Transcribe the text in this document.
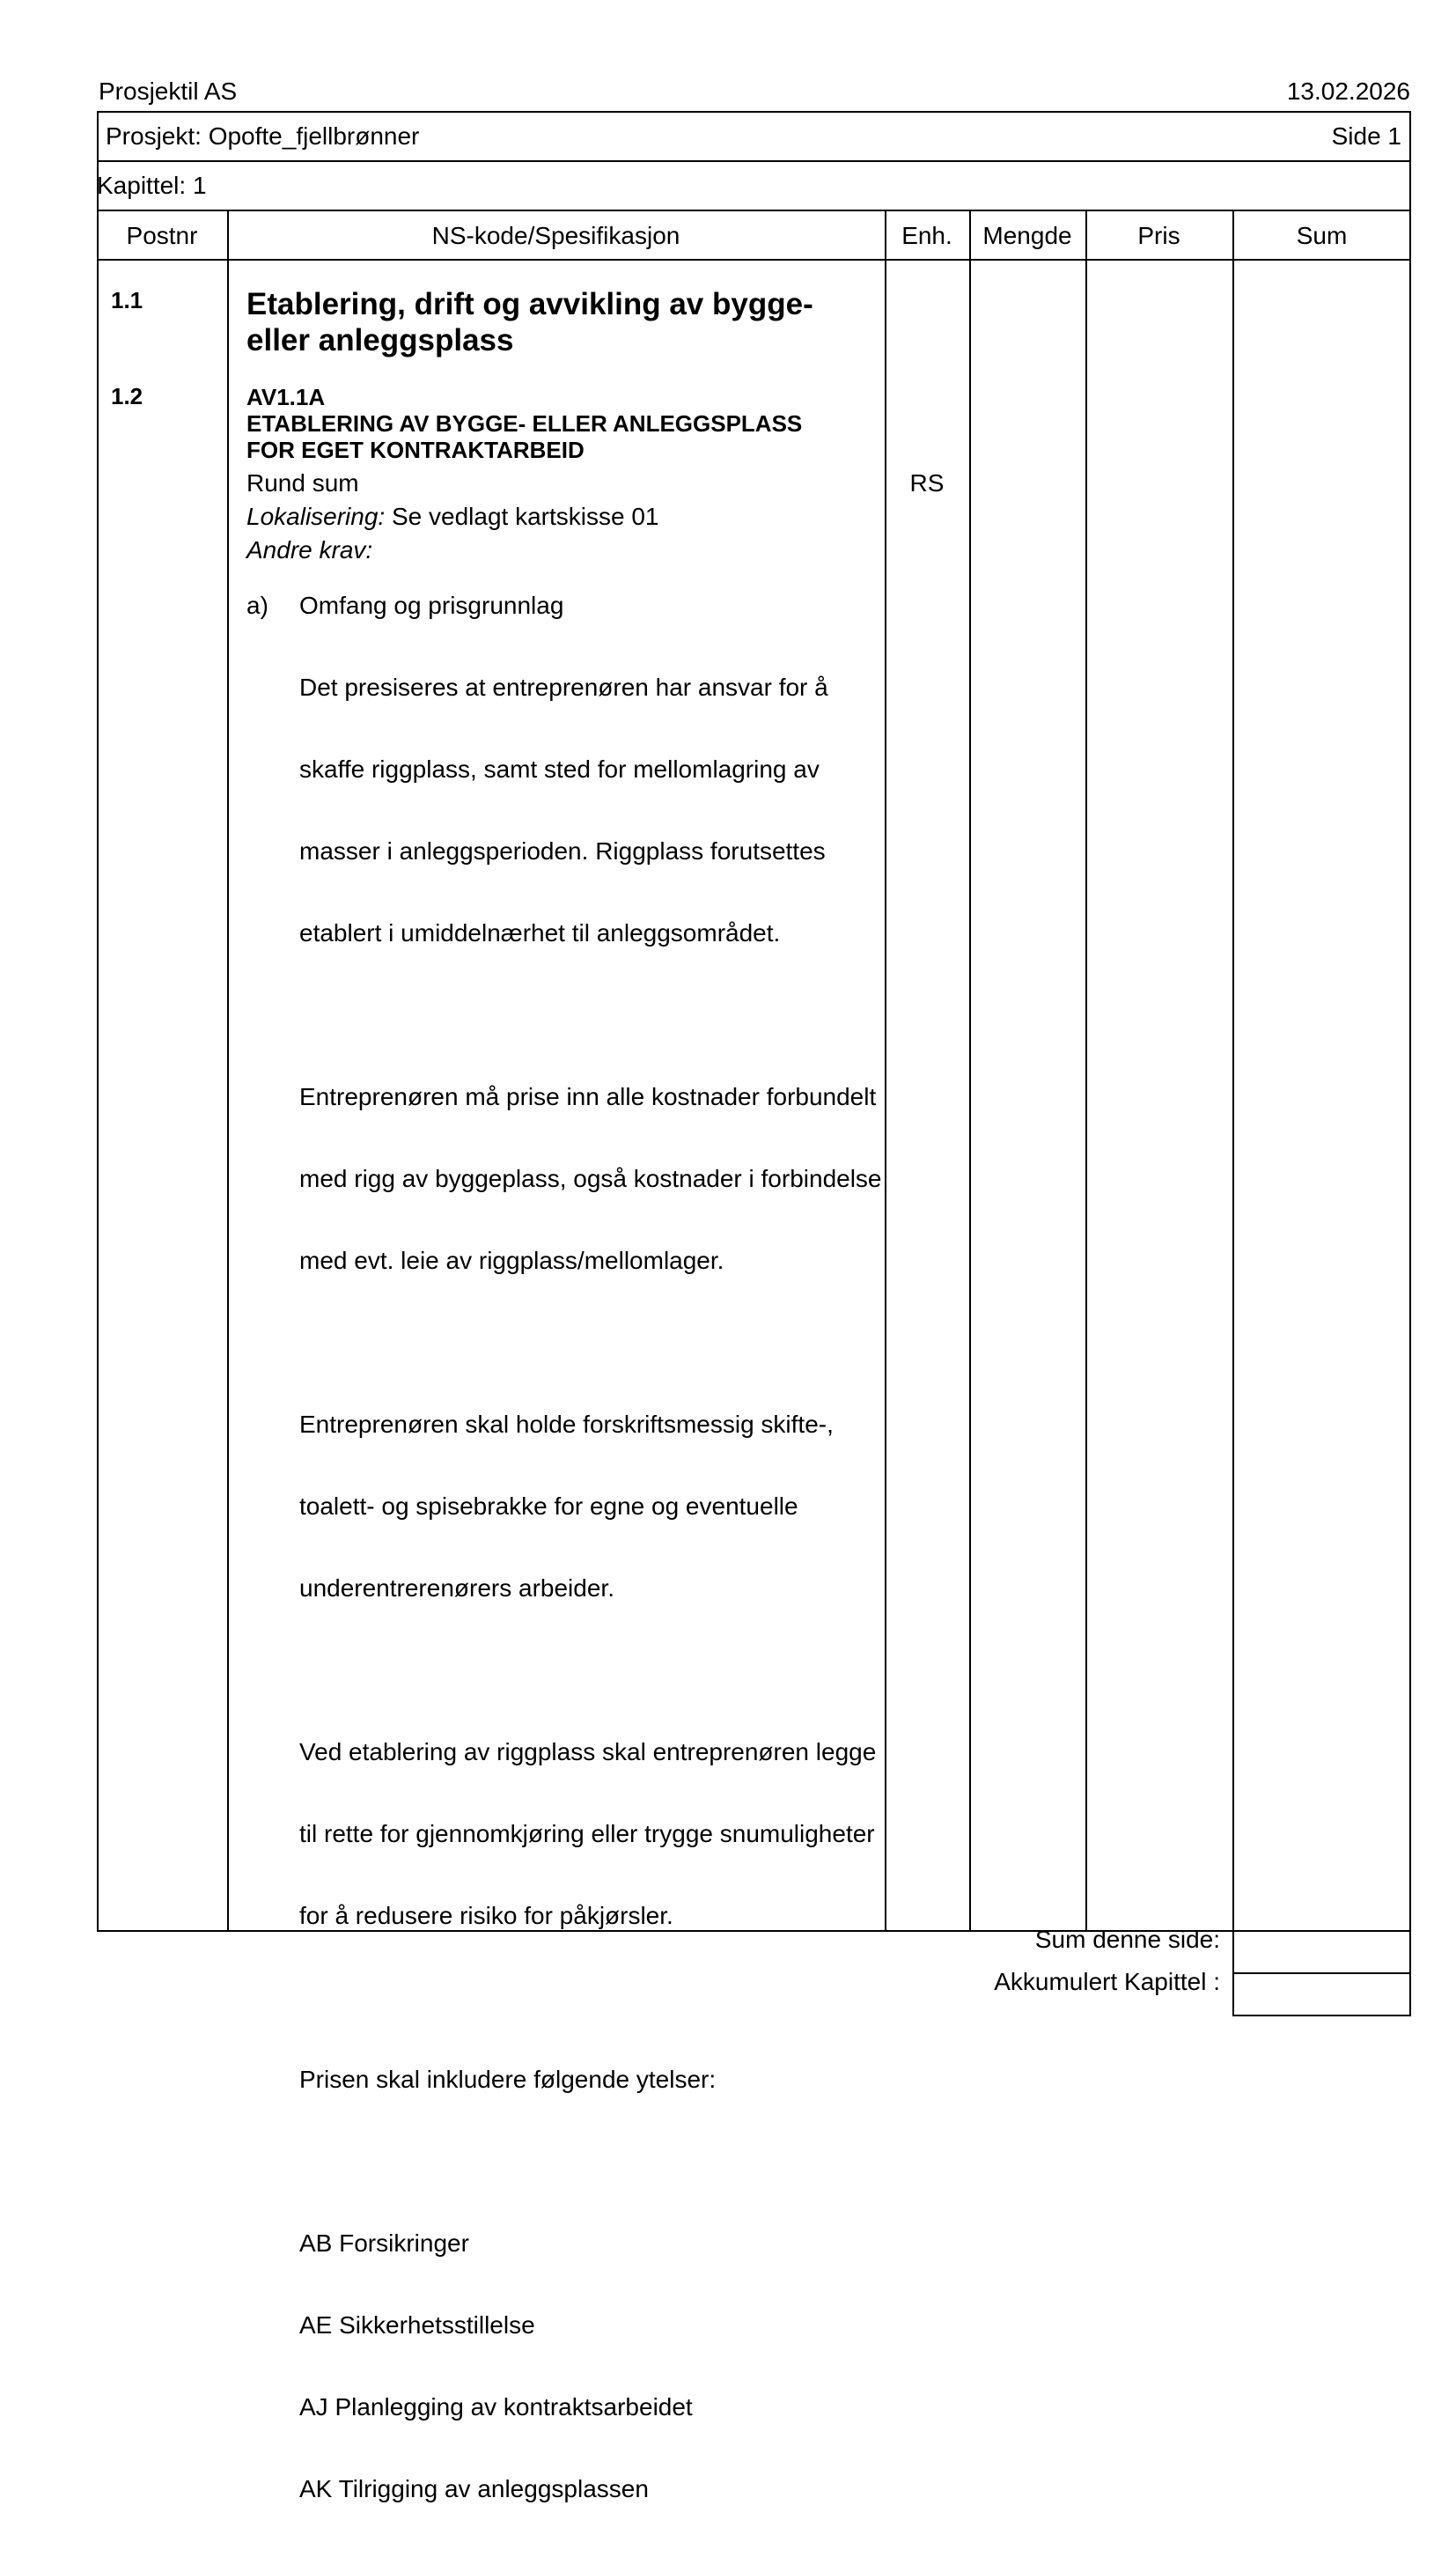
Prosjektil AS	13.02.2026
Prosjekt: Opofte_fjellbrønner	Side 1
Kapittel: 1
Postnr	NS-kode/Spesifikasjon	Enh.	Mengde	Pris	Sum
1.1	Etablering, drift og avvikling av bygge-
eller anleggsplass
1.2	AV1.1A
ETABLERING AV BYGGE- ELLER ANLEGGSPLASS
FOR EGET KONTRAKTARBEID
Rund sum	RS
Lokalisering: Se vedlagt kartskisse 01
Andre krav:
a) Omfang og prisgrunnlag

Det presiseres at entreprenøren har ansvar for å

skaffe riggplass, samt sted for mellomlagring av

masser i anleggsperioden. Riggplass forutsettes

etablert i umiddelnærhet til anleggsområdet.

Entreprenøren må prise inn alle kostnader forbundelt

med rigg av byggeplass, også kostnader i forbindelse

med evt. leie av riggplass/mellomlager.

Entreprenøren skal holde forskriftsmessig skifte-,

toalett- og spisebrakke for egne og eventuelle

underentrerenørers arbeider.

Ved etablering av riggplass skal entreprenøren legge

til rette for gjennomkjøring eller trygge snumuligheter

for å redusere risiko for påkjørsler.

Prisen skal inkludere følgende ytelser:

AB Forsikringer

AE Sikkerhetsstillelse

AJ Planlegging av kontraktsarbeidet

AK Tilrigging av anleggsplassen

Sum denne side:
Akkumulert Kapittel :
